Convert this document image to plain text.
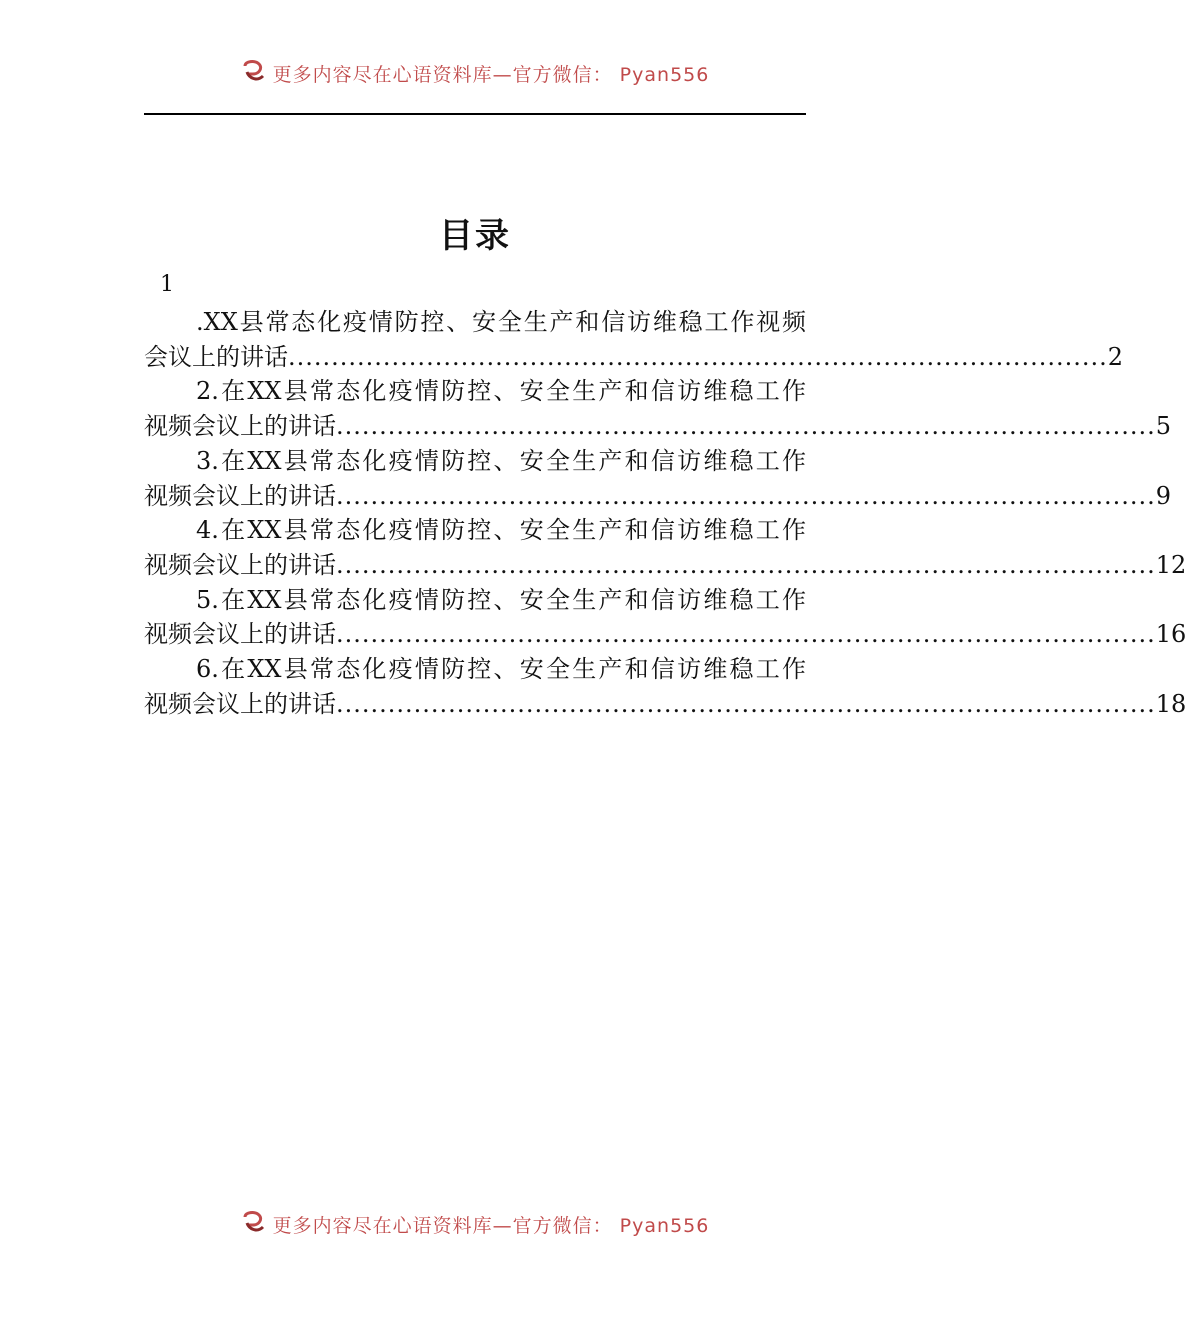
更多内容尽在心语资料库—官方微信： Pyan556
目录
1
.XX县常态化疫情防控、安全生产和信访维稳工作视频
会议上的讲话 ............................................................................................... 2
2.在XX县常态化疫情防控、安全生产和信访维稳工作
视频会议上的讲话 ............................................................................................... 5
3.在XX县常态化疫情防控、安全生产和信访维稳工作
视频会议上的讲话 ............................................................................................... 9
4.在XX县常态化疫情防控、安全生产和信访维稳工作
视频会议上的讲话 ............................................................................................... 12
5.在XX县常态化疫情防控、安全生产和信访维稳工作
视频会议上的讲话 ............................................................................................... 16
6.在XX县常态化疫情防控、安全生产和信访维稳工作
视频会议上的讲话 ............................................................................................... 18
更多内容尽在心语资料库—官方微信： Pyan556
